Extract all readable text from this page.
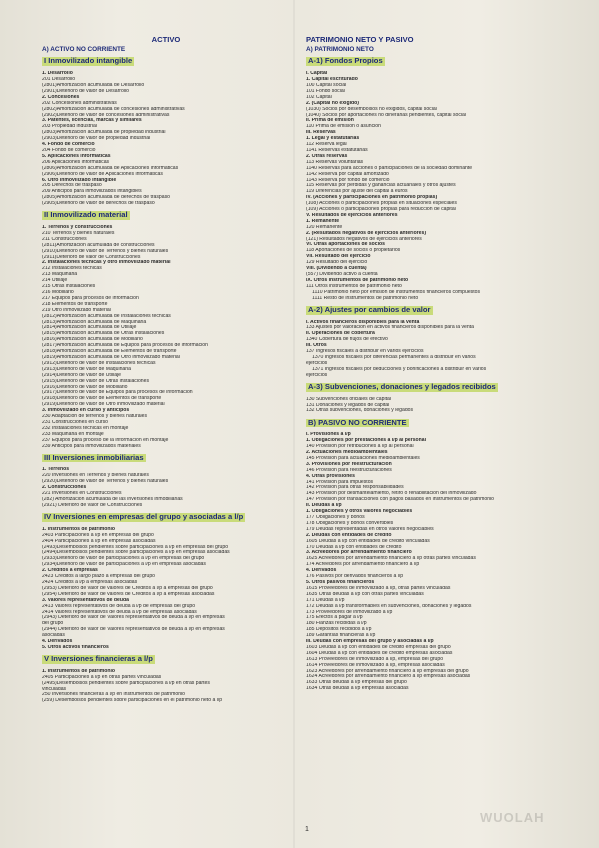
ACTIVO
A) ACTIVO NO CORRIENTE
I Inmovilizado intangible

1. Desarrollo
201 Desarrollo
(2801)Amortización acumulada de Desarrollo
(2901)Deterioro de valor de Desarrollo
2. Concesiones
202 Concesiones administrativas
(2802)Amortización acumulada de concesiones administrativas
(2902)Deterioro de valor de concesiones administrativas
3. Patentes, licencias, marcas y similares
203 Propiedad industrial
(2803)Amortización acumulada de propiedad industrial
(2903)Deterioro de valor de propiedad industrial
4. Fondo de comercio
204 Fondo de comercio
5. Aplicaciones informáticas
206 Aplicaciones informáticas
(2806)Amortización acumulada de Aplicaciones informáticas
(2906)Deterioro de valor de Aplicaciones informáticas
6. Otro inmovilizado intangible
205 Derechos de traspaso
209 Anticipos para inmovilizados intangibles
(2805)Amortización acumulada de derechos de traspaso
(2905)Deterioro de valor de derechos de traspaso
II Inmovilizado material

1. Terrenos y construcciones
210 Terrenos y bienes naturales
211 Construcciones
(2811)Amortización acumulada de construcciones
(2910)Deterioro de valor de Terrenos y bienes naturales
(2911)Deterioro de valor de Construcciones
2. Instalaciones técnicas y otro inmovilizado material
212 Instalaciones técnicas
213 Maquinaria
214 Utillaje
215 Otras instalaciones
216 Mobiliario
217 Equipos para procesos de información
218 Elementos de transporte
219 Otro inmovilizado material
(2812)Amortización acumulada de Instalaciones técnicas
(2813)Amortización acumulada de Maquinaria
(2814)Amortización acumulada de Utillaje
(2815)Amortización acumulada de Otras instalaciones
(2816)Amortización acumulada de Mobiliario
(2817)Amortización acumulada de Equipos para procesos de información
(2818)Amortización acumulada de Elementos de transporte
(2819)Amortización acumulada de Otro inmovilizado material
(2912)Deterioro de valor de Instalaciones técnicas
(2913)Deterioro de valor de Maquinaria
(2914)Deterioro de valor de Utillaje
(2915)Deterioro de valor de Otras instalaciones
(2916)Deterioro de valor de Mobiliario
(2917)Deterioro de valor de Equipos para procesos de información
(2918)Deterioro de valor de Elementos de transporte
(2919)Deterioro de valor de Otro inmovilizado material
3. Inmovilizado en curso y anticipos
230 Adaptación de terrenos y bienes naturales
231 Construcciones en curso
232 Instalaciones técnicas en montaje
233 Maquinaria en montaje
237 Equipos para proceso de la información en montaje
239 Anticipos para inmovilizados materiales
III Inversiones inmobiliarias

1. Terrenos
220 Inversiones en Terrenos y bienes naturales
(2920)Deterioro de valor de Terrenos y bienes naturales
2. Construcciones
221 Inversiones en Construcciones
(282) Amortización acumulada de las inversiones inmobiliarias
(2921) Deterioro de valor de Construcciones
IV Inversiones en empresas del grupo y asociadas a l/p

1. Instrumentos de patrimonio
2403 Participaciones a l/p en empresas del grupo
2404 Participaciones a l/p en empresas asociadas
(2493)Desembolsos pendientes sobre participaciones a l/p en empresas del grupo
(2494)Desembolsos pendientes sobre participaciones a l/p en empresas asociadas
(2933)Deterioro de valor de participaciones a l/p en empresas del grupo
(2934)Deterioro de valor de participaciones a l/p en empresas asociadas
2. Créditos a empresas
2423 Créditos a largo plazo a empresas del grupo
2424 Créditos a l/p a empresas asociadas
(2953) Deterioro de valor de valores de Créditos a l/p a empresas del grupo
(2954) Deterioro de valor de valores de Créditos a l/p a empresas asociadas
3. Valores representativos de deuda
2413 Valores representativos de deuda a l/p de empresas del grupo
2414 Valores representativos de deuda a l/p de empresas asociadas
(2943) Deterioro de valor de Valores representativos de deuda a l/p en empresas
del grupo
(2944) Deterioro de valor de Valores representativos de deuda a l/p en empresas
asociadas
4. Derivados
5. Otros activos financieros
V Inversiones financieras a l/p

1. Instrumentos de patrimonio
2405 Participaciones a l/p en otras partes vinculadas
(2495)Desembolsos pendientes sobre participaciones a l/p en otras partes
vinculadas
250 Inversiones financieras a l/p en instrumentos de patrimonio
(259) Desembolsos pendientes sobre participaciones en el patrimonio neto a l/p
PATRIMONIO NETO Y PASIVO
A) PATRIMONIO NETO
A-1) Fondos Propios

I. Capital
1. Capital escriturado
100 Capital social
101 Fondo social
102 Capital
2. (Capital no exigido)
(1030) Socios por desembolsos no exigidos, capital social
(1040) Socios por aportaciones no dinerarias pendientes, capital social
II. Prima de emisión
110 Prima de emisión o asunción
III. Reservas
1. Legal y estatutarias
112 Reserva legal
1141 Reservas estatutarias
2. Otras reservas
113 Reservas voluntarias
1140 Reservas para acciones o participaciones de la sociedad dominante
1142 Reserva por capital amortizado
1143 Reserva por fondo de comercio
115 Reservas por pérdidas y ganancias actuariales y otros ajustes
119 Diferencias por ajuste del capital a euros
IV. (Acciones y participaciones en patrimonio propias)
(108) Acciones o participaciones propias en situaciones especiales
(109) Acciones o participaciones propias para reducción de capital
V. Resultados de ejercicios anteriores
1. Remanente
120 Remanente
2. (Resultados negativos de ejercicios anteriores)
(121) Resultados negativos de ejercicios anteriores
VI. Otras aportaciones de socios
118 Aportaciones de socios o propietarios
VII. Resultado del ejercicio
129 Resultado del ejercicio
VIII. (Dividendo a cuenta)
(557) Dividendo activo a cuenta
IX. Otros instrumentos de patrimonio neto
111 Otros instrumentos de patrimonio neto
1110 Patrimonio neto por emisión de instrumentos financieros compuestos
1111 Resto de instrumentos de patrimonio neto
A-2) Ajustes por cambios de valor

I. Activos financieros disponibles para la venta
133 Ajustes por valoración en activos financieros disponibles para la venta
II. Operaciones de cobertura
1340 Cobertura de flujos de efectivo
III. Otros
137 Ingresos fiscales a distribuir en varios ejercicios
1370 Ingresos fiscales por diferencias permanentes a distribuir en varios
ejercicios
1371 Ingresos fiscales por deducciones y bonificaciones a distribuir en varios
ejercicios
A-3) Subvenciones, donaciones y legados recibidos

130 Subvenciones oficiales de capital
131 Donaciones y legados de capital
132 Otras subvenciones, donaciones y legados
B) PASIVO NO CORRIENTE

I. Provisiones a l/p
1. Obligaciones por prestaciones a l/p al personal
140 Provisión por retribuciones a l/p al personal
2. Actuaciones medioambientales
145 Provisión para actuaciones medioambientales
3. Provisiones por reestructuración
146 Provisión para reestructuraciones
4. Otras provisiones
141 Provisión para impuestos
142 Provisión para otras responsabilidades
143 Provisión por desmantelamiento, retiro o rehabilitación del inmovilizado
147 Provisión por transacciones con pagos basados en instrumentos de patrimonio
II. Deudas a l/p
1. Obligaciones y otros valores negociables
177 Obligaciones y bonos
178 Obligaciones y bonos convertibles
179 Deudas representadas en otros valores negociables
2. Deudas con entidades de crédito
1605 Deudas a l/p con entidades de crédito vinculadas
170 Deudas a l/p con entidades de crédito
3. Acreedores por arrendamiento financiero
1625 Acreedores por arrendamiento financiero a l/p otras partes vinculadas
174 Acreedores por arrendamiento financiero a l/p
4. Derivados
176 Pasivos por derivados financieros a l/p
5. Otros pasivos financieros
1615 Proveedores de inmovilizado a l/p, otras partes vinculadas
1635 Otras deudas a l/p con otras partes vinculadas
171 Deudas a l/p
172 Deudas a l/p transformables en subvenciones, donaciones y legados
173 Proveedores de inmovilizado a l/p
175 Efectos a pagar a l/p
180 Fianzas recibidas a l/p
185 Depósitos recibidos a l/p
189 Garantías financieras a l/p
III. Deudas con empresas del grupo y asociadas a l/p
1603 Deudas a l/p con entidades de crédito empresas del grupo
1604 Deudas a l/p con entidades de crédito empresas asociadas
1613 Proveedores de inmovilizado a l/p, empresas del grupo
1614 Proveedores de inmovilizado a l/p, empresas asociadas
1623 Acreedores por arrendamiento financiero a l/p empresas del grupo
1624 Acreedores por arrendamiento financiero a l/p empresas asociadas
1633 Otras deudas a l/p empresas del grupo
1634 Otras deudas a l/p empresas asociadas
1
WUOLAH
